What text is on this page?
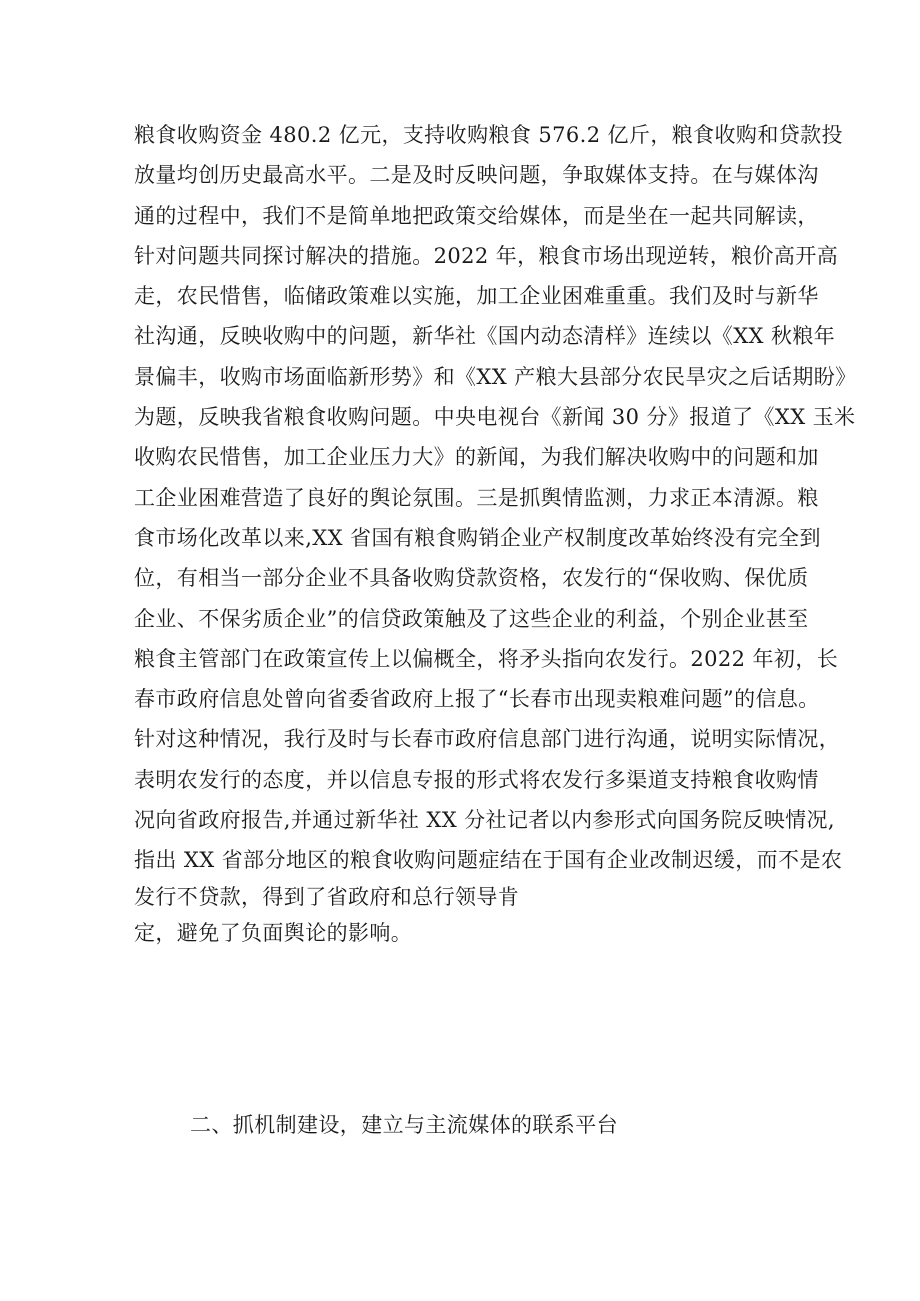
粮食收购资金 480.2 亿元，支持收购粮食 576.2 亿斤，粮食收购和贷款投
放量均创历史最高水平。二是及时反映问题，争取媒体支持。在与媒体沟
通的过程中，我们不是简单地把政策交给媒体，而是坐在一起共同解读，
针对问题共同探讨解决的措施。2022 年，粮食市场出现逆转，粮价高开高
走，农民惜售，临储政策难以实施，加工企业困难重重。我们及时与新华
社沟通，反映收购中的问题，新华社《国内动态清样》连续以《XX 秋粮年
景偏丰，收购市场面临新形势》和《XX 产粮大县部分农民旱灾之后话期盼》
为题，反映我省粮食收购问题。中央电视台《新闻 30 分》报道了《XX 玉米
收购农民惜售，加工企业压力大》的新闻，为我们解决收购中的问题和加
工企业困难营造了良好的舆论氛围。三是抓舆情监测，力求正本清源。粮
食市场化改革以来,XX 省国有粮食购销企业产权制度改革始终没有完全到
位，有相当一部分企业不具备收购贷款资格，农发行的“保收购、保优质
企业、不保劣质企业”的信贷政策触及了这些企业的利益，个别企业甚至
粮食主管部门在政策宣传上以偏概全，将矛头指向农发行。2022 年初，长
春市政府信息处曾向省委省政府上报了“长春市出现卖粮难问题”的信息。
针对这种情况，我行及时与长春市政府信息部门进行沟通，说明实际情况，
表明农发行的态度，并以信息专报的形式将农发行多渠道支持粮食收购情
况向省政府报告,并通过新华社 XX 分社记者以内参形式向国务院反映情况,
指出 XX 省部分地区的粮食收购问题症结在于国有企业改制迟缓，而不是农
发行不贷款，得到了省政府和总行领导肯
定，避免了负面舆论的影响。
二、抓机制建设，建立与主流媒体的联系平台
